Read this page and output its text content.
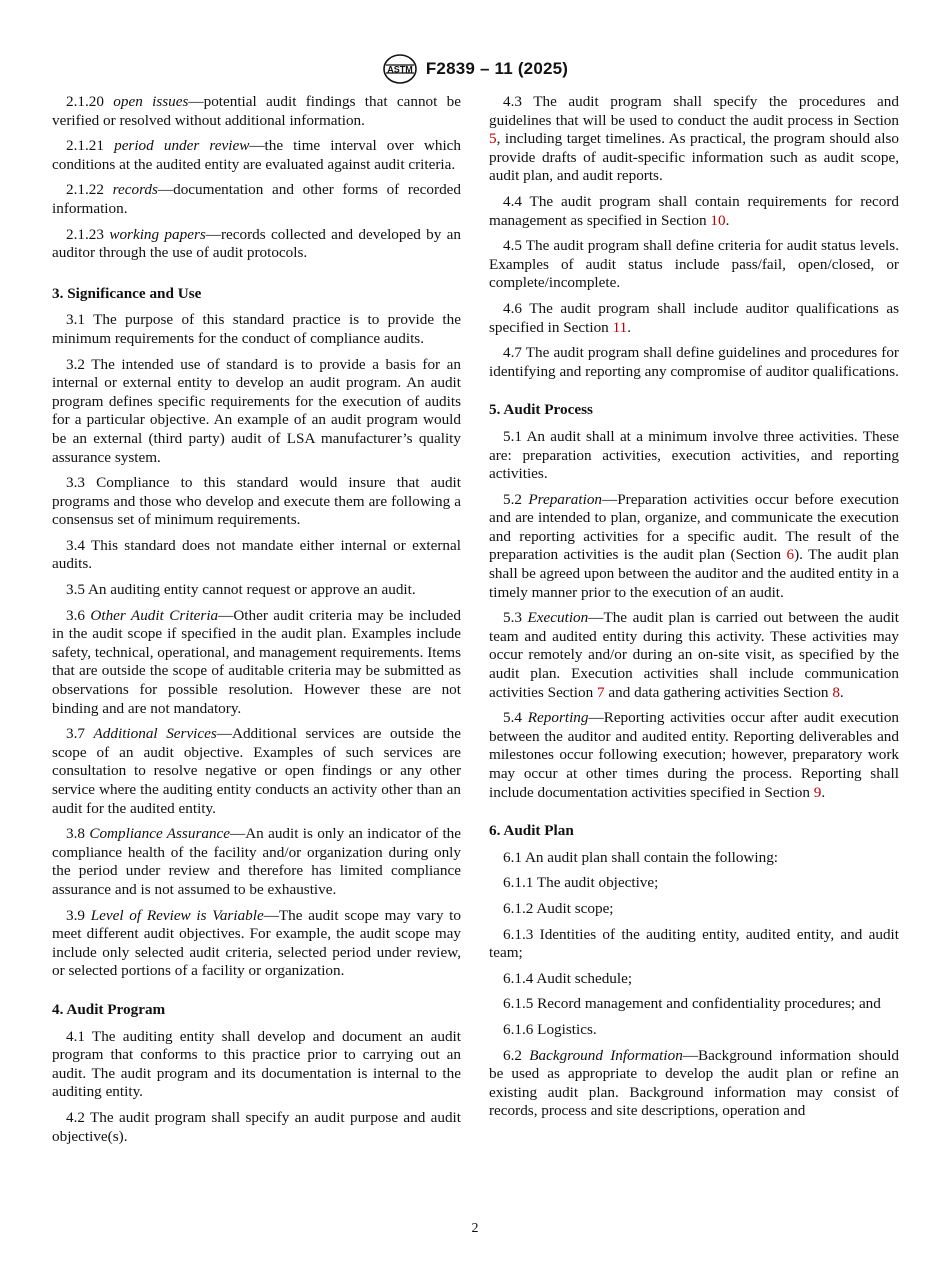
ASTM F2839 – 11 (2025)

2.1.20 open issues—potential audit findings that cannot be verified or resolved without additional information.

2.1.21 period under review—the time interval over which conditions at the audited entity are evaluated against audit criteria.

2.1.22 records—documentation and other forms of recorded information.

2.1.23 working papers—records collected and developed by an auditor through the use of audit protocols.

3. Significance and Use

3.1 The purpose of this standard practice is to provide the minimum requirements for the conduct of compliance audits.

3.2 The intended use of standard is to provide a basis for an internal or external entity to develop an audit program. An audit program defines specific requirements for the execution of audits for a particular objective. An example of an audit program would be an external (third party) audit of LSA manufacturer’s quality assurance system.

3.3 Compliance to this standard would insure that audit programs and those who develop and execute them are following a consensus set of minimum requirements.

3.4 This standard does not mandate either internal or external audits.

3.5 An auditing entity cannot request or approve an audit.

3.6 Other Audit Criteria—Other audit criteria may be included in the audit scope if specified in the audit plan. Examples include safety, technical, operational, and management requirements. Items that are outside the scope of auditable criteria may be submitted as observations for possible resolution. However these are not binding and are not mandatory.

3.7 Additional Services—Additional services are outside the scope of an audit objective. Examples of such services are consultation to resolve negative or open findings or any other service where the auditing entity conducts an activity other than an audit for the audited entity.

3.8 Compliance Assurance—An audit is only an indicator of the compliance health of the facility and/or organization during only the period under review and therefore has limited compliance assurance and is not assumed to be exhaustive.

3.9 Level of Review is Variable—The audit scope may vary to meet different audit objectives. For example, the audit scope may include only selected audit criteria, selected period under review, or selected portions of a facility or organization.

4. Audit Program

4.1 The auditing entity shall develop and document an audit program that conforms to this practice prior to carrying out an audit. The audit program and its documentation is internal to the auditing entity.

4.2 The audit program shall specify an audit purpose and audit objective(s).

4.3 The audit program shall specify the procedures and guidelines that will be used to conduct the audit process in Section 5, including target timelines. As practical, the program should also provide drafts of audit-specific information such as audit scope, audit plan, and audit reports.

4.4 The audit program shall contain requirements for record management as specified in Section 10.

4.5 The audit program shall define criteria for audit status levels. Examples of audit status include pass/fail, open/closed, or complete/incomplete.

4.6 The audit program shall include auditor qualifications as specified in Section 11.

4.7 The audit program shall define guidelines and procedures for identifying and reporting any compromise of auditor qualifications.

5. Audit Process

5.1 An audit shall at a minimum involve three activities. These are: preparation activities, execution activities, and reporting activities.

5.2 Preparation—Preparation activities occur before execution and are intended to plan, organize, and communicate the execution and reporting activities for a specific audit. The result of the preparation activities is the audit plan (Section 6). The audit plan shall be agreed upon between the auditor and the audited entity in a timely manner prior to the execution of an audit.

5.3 Execution—The audit plan is carried out between the audit team and audited entity during this activity. These activities may occur remotely and/or during an on-site visit, as specified by the audit plan. Execution activities shall include communication activities Section 7 and data gathering activities Section 8.

5.4 Reporting—Reporting activities occur after audit execution between the auditor and audited entity. Reporting deliverables and milestones occur following execution; however, preparatory work may occur at other times during the process. Reporting shall include documentation activities specified in Section 9.

6. Audit Plan

6.1 An audit plan shall contain the following:

6.1.1 The audit objective;

6.1.2 Audit scope;

6.1.3 Identities of the auditing entity, audited entity, and audit team;

6.1.4 Audit schedule;

6.1.5 Record management and confidentiality procedures; and

6.1.6 Logistics.

6.2 Background Information—Background information should be used as appropriate to develop the audit plan or refine an existing audit plan. Background information may consist of records, process and site descriptions, operation and

2
